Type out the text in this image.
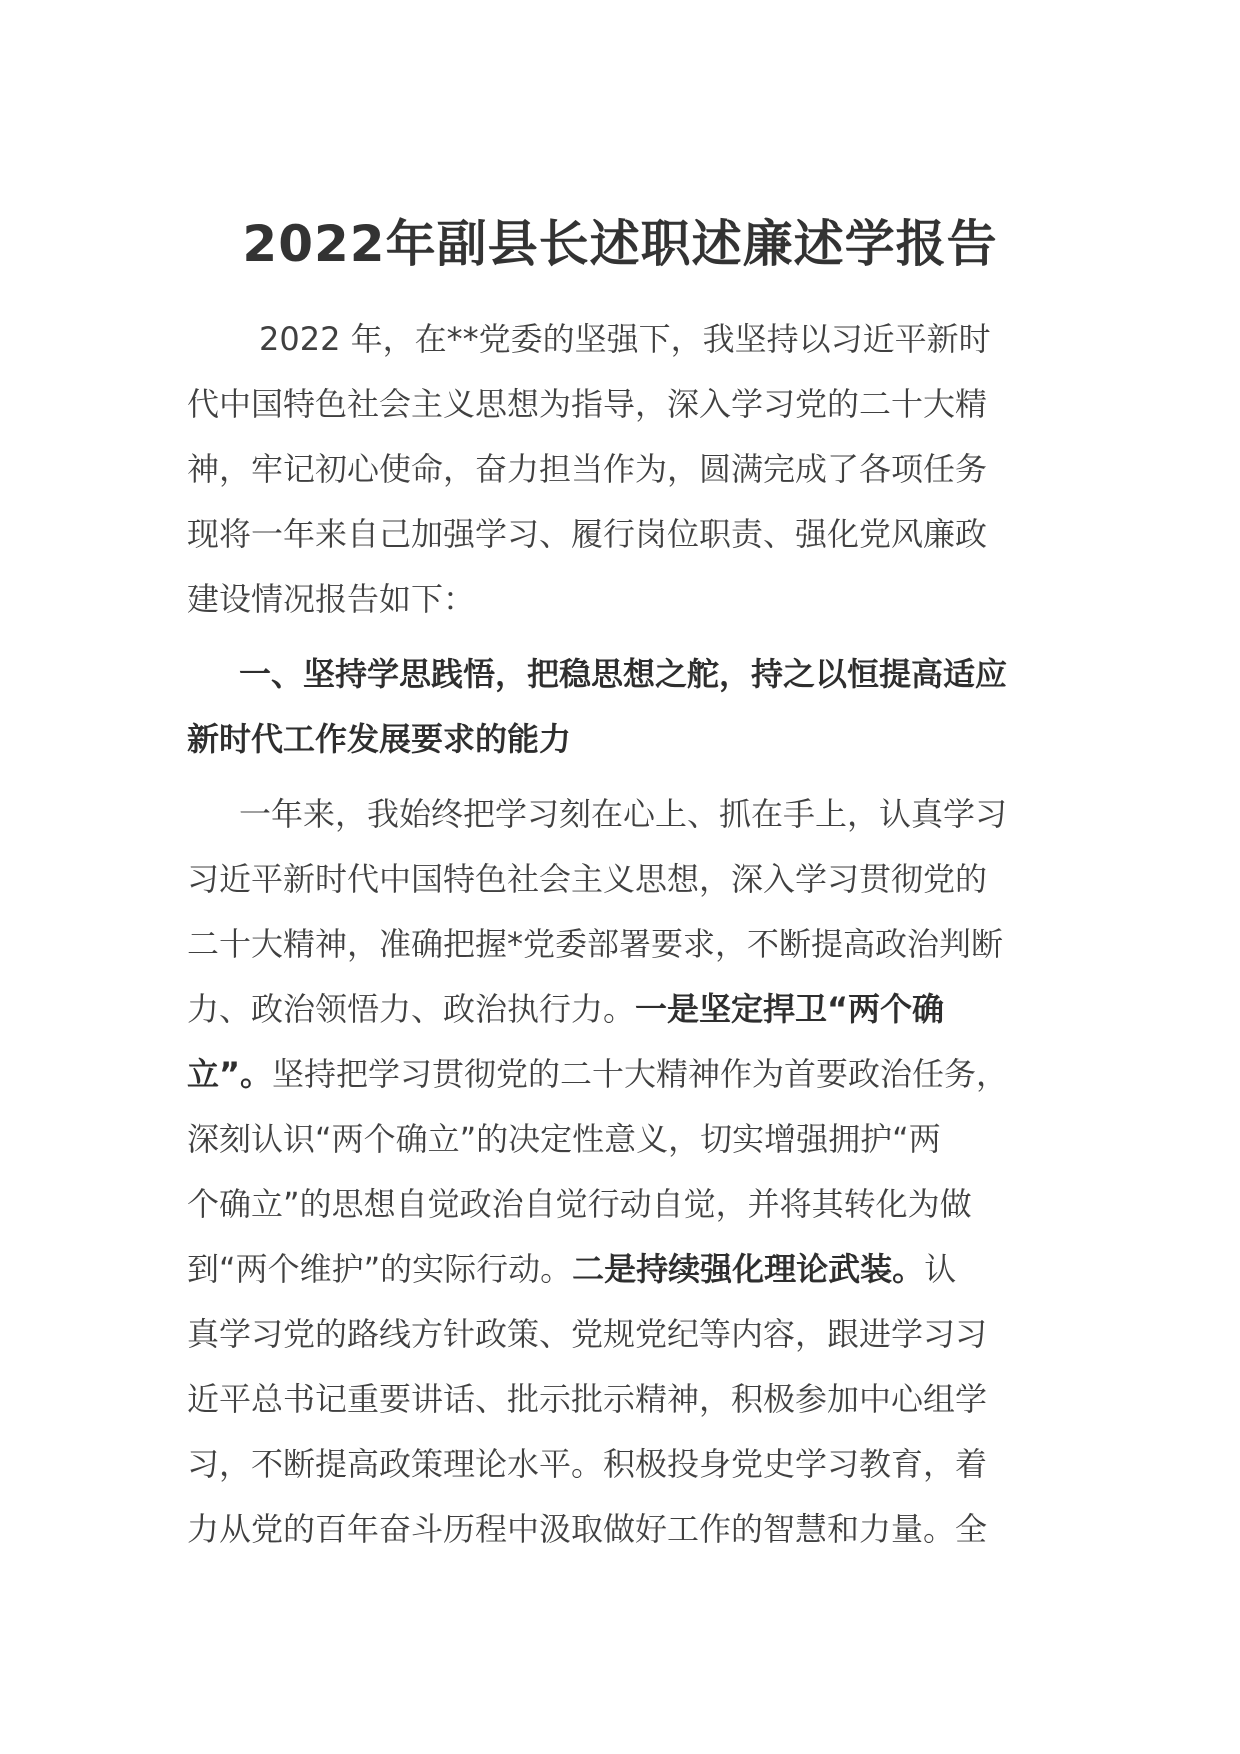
2022年副县长述职述廉述学报告
2022 年，在**党委的坚强下，我坚持以习近平新时
代中国特色社会主义思想为指导，深入学习党的二十大精
神，牢记初心使命，奋力担当作为，圆满完成了各项任务
现将一年来自己加强学习、履行岗位职责、强化党风廉政
建设情况报告如下：
一、坚持学思践悟，把稳思想之舵，持之以恒提高适应
新时代工作发展要求的能力
一年来，我始终把学习刻在心上、抓在手上，认真学习
习近平新时代中国特色社会主义思想，深入学习贯彻党的
二十大精神，准确把握*党委部署要求，不断提高政治判断
力、政治领悟力、政治执行力。一是坚定捍卫“两个确
立”。坚持把学习贯彻党的二十大精神作为首要政治任务，
深刻认识“两个确立”的决定性意义，切实增强拥护“两
个确立”的思想自觉政治自觉行动自觉，并将其转化为做
到“两个维护”的实际行动。二是持续强化理论武装。认
真学习党的路线方针政策、党规党纪等内容，跟进学习习
近平总书记重要讲话、批示批示精神，积极参加中心组学
习，不断提高政策理论水平。积极投身党史学习教育，着
力从党的百年奋斗历程中汲取做好工作的智慧和力量。全
